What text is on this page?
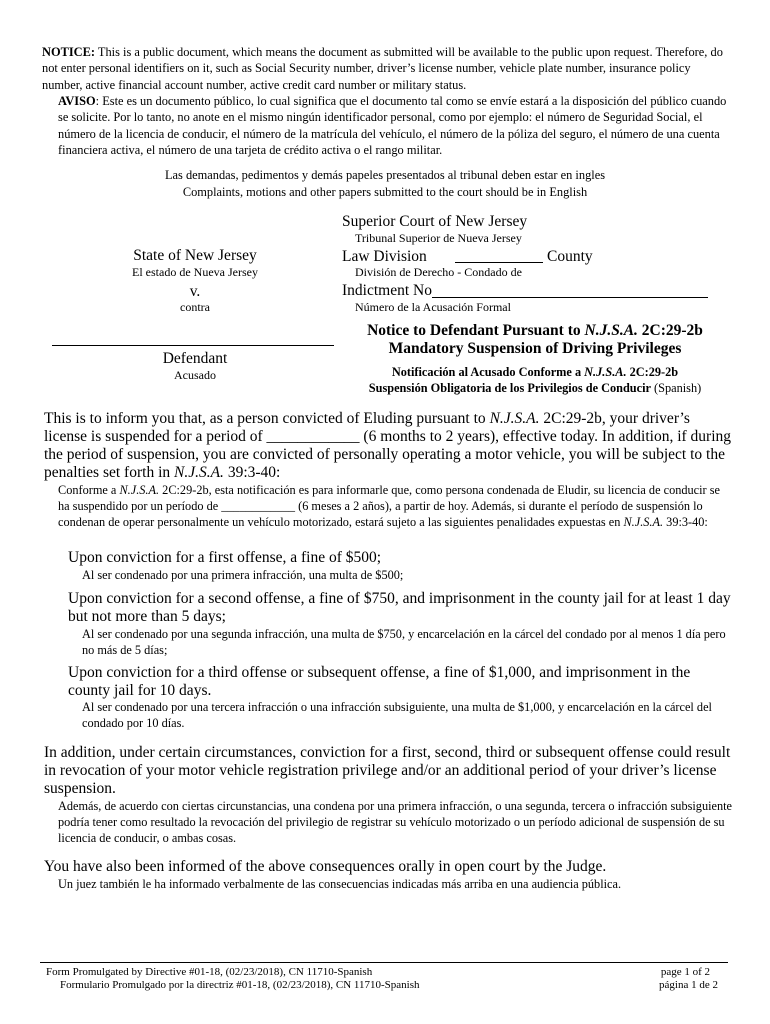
NOTICE: This is a public document, which means the document as submitted will be available to the public upon request. Therefore, do not enter personal identifiers on it, such as Social Security number, driver’s license number, vehicle plate number, insurance policy number, active financial account number, active credit card number or military status.
AVISO: Este es un documento público, lo cual significa que el documento tal como se envíe estará a la disposición del público cuando se solicite. Por lo tanto, no anote en el mismo ningún identificador personal, como por ejemplo: el número de Seguridad Social, el número de la licencia de conducir, el número de la matrícula del vehículo, el número de la póliza del seguro, el número de una cuenta financiera activa, el número de una tarjeta de crédito activa o el rango militar.
Las demandas, pedimentos y demás papeles presentados al tribunal deben estar en ingles
Complaints, motions and other papers submitted to the court should be in English
State of New Jersey
El estado de Nueva Jersey
v.
contra
Defendant
Acusado
Superior Court of New Jersey
Tribunal Superior de Nueva Jersey
Law Division	County
División de Derecho - Condado de
Indictment No
Número de la Acusación Formal
Notice to Defendant Pursuant to N.J.S.A. 2C:29-2b
Mandatory Suspension of Driving Privileges
Notificación al Acusado Conforme a N.J.S.A. 2C:29-2b
Suspensión Obligatoria de los Privilegios de Conducir (Spanish)
This is to inform you that, as a person convicted of Eluding pursuant to N.J.S.A. 2C:29-2b, your driver’s license is suspended for a period of ____________ (6 months to 2 years), effective today. In addition, if during the period of suspension, you are convicted of personally operating a motor vehicle, you will be subject to the penalties set forth in N.J.S.A. 39:3-40:
Conforme a N.J.S.A. 2C:29-2b, esta notificación es para informarle que, como persona condenada de Eludir, su licencia de conducir se ha suspendido por un período de ____________ (6 meses a 2 años), a partir de hoy. Además, si durante el período de suspensión lo condenan de operar personalmente un vehículo motorizado, estará sujeto a las siguientes penalidades expuestas en N.J.S.A. 39:3-40:
Upon conviction for a first offense, a fine of $500;
Al ser condenado por una primera infracción, una multa de $500;
Upon conviction for a second offense, a fine of $750, and imprisonment in the county jail for at least 1 day but not more than 5 days;
Al ser condenado por una segunda infracción, una multa de $750, y encarcelación en la cárcel del condado por al menos 1 día pero no más de 5 días;
Upon conviction for a third offense or subsequent offense, a fine of $1,000, and imprisonment in the county jail for 10 days.
Al ser condenado por una tercera infracción o una infracción subsiguiente, una multa de $1,000, y encarcelación en la cárcel del condado por 10 días.
In addition, under certain circumstances, conviction for a first, second, third or subsequent offense could result in revocation of your motor vehicle registration privilege and/or an additional period of your driver’s license suspension.
Además, de acuerdo con ciertas circunstancias, una condena por una primera infracción, o una segunda, tercera o infracción subsiguiente podría tener como resultado la revocación del privilegio de registrar su vehículo motorizado o un período adicional de suspensión de su licencia de conducir, o ambas cosas.
You have also been informed of the above consequences orally in open court by the Judge.
Un juez también le ha informado verbalmente de las consecuencias indicadas más arriba en una audiencia pública.
Form Promulgated by Directive #01-18, (02/23/2018), CN 11710-Spanish
Formulario Promulgado por la directriz #01-18, (02/23/2018), CN 11710-Spanish
page 1 of 2
página 1 de 2
